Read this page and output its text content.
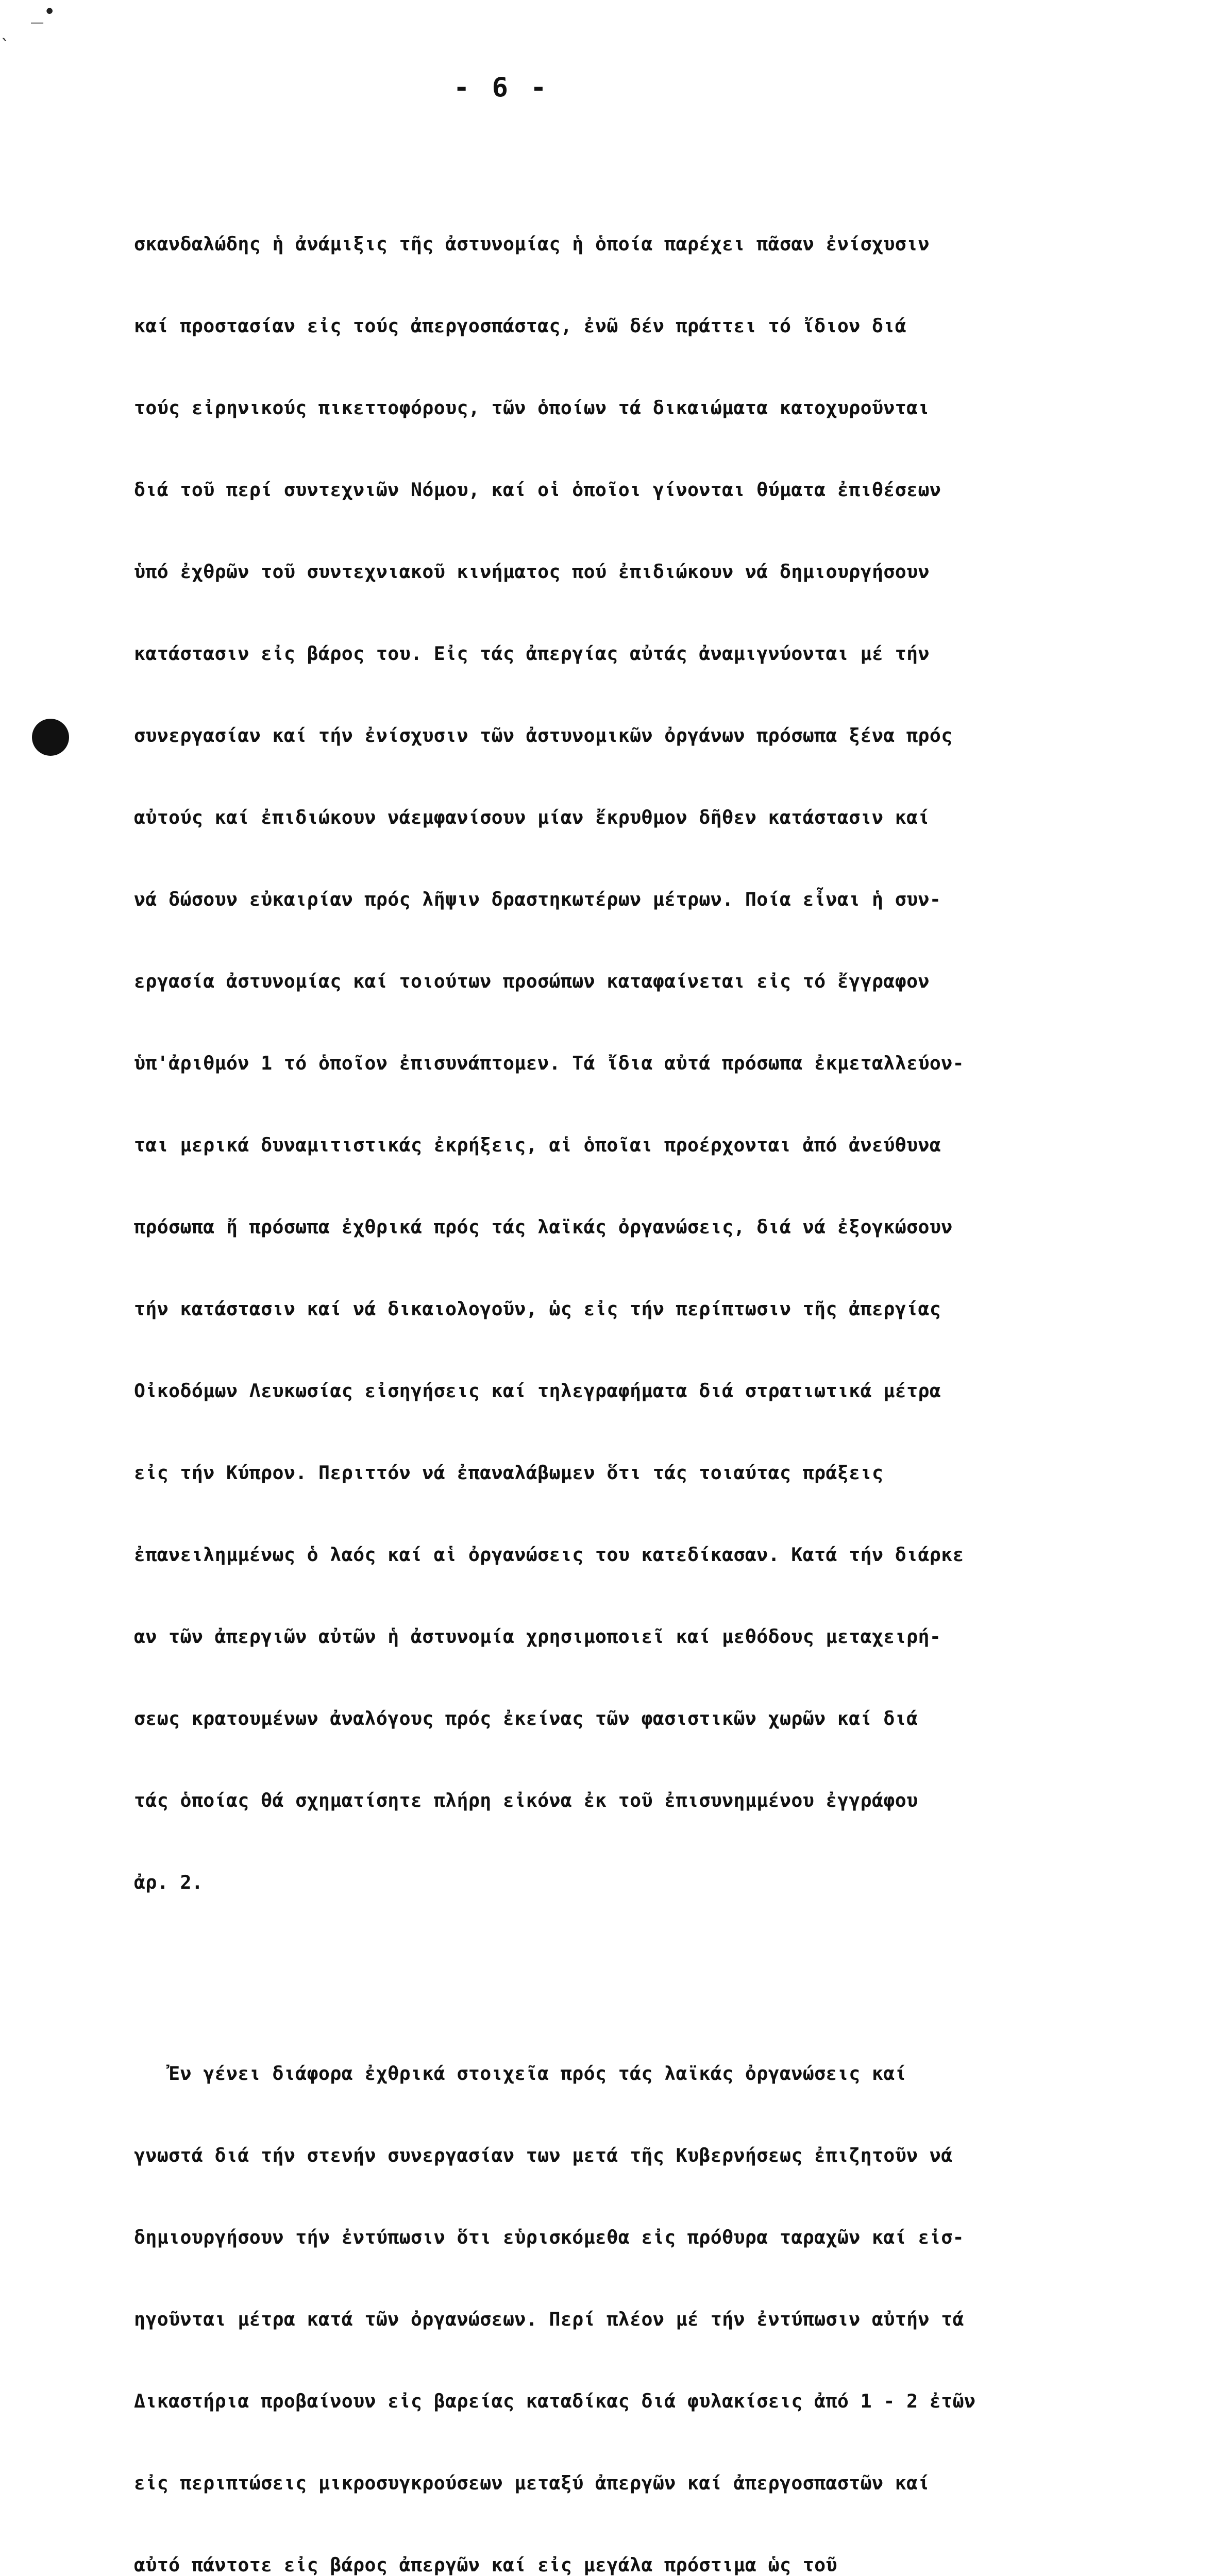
_•
`
- 6 -

σκανδαλώδης ἡ ἀνάμιξις τῆς ἀστυνομίας ἡ ὁποία παρέχει πᾶσαν ἐνίσχυσιν

καί προστασίαν εἰς τούς ἀπεργοσπάστας, ἐνῶ δέν πράττει τό ἴδιον διά

τούς εἰρηνικούς πικεττοφόρους, τῶν ὁποίων τά δικαιώματα κατοχυροῦνται

διά τοῦ περί συντεχνιῶν Νόμου, καί οἱ ὁποῖοι γίνονται θύματα ἐπιθέσεων

ὑπό ἐχθρῶν τοῦ συντεχνιακοῦ κινήματος πού ἐπιδιώκουν νά δημιουργήσουν

κατάστασιν εἰς βάρος του. Εἰς τάς ἀπεργίας αὐτάς ἀναμιγνύονται μέ τήν

συνεργασίαν καί τήν ἐνίσχυσιν τῶν ἀστυνομικῶν ὀργάνων πρόσωπα ξένα πρός

αὐτούς καί ἐπιδιώκουν νάεμφανίσουν μίαν ἔκρυθμον δῆθεν κατάστασιν καί

νά δώσουν εὐκαιρίαν πρός λῆψιν δραστηκωτέρων μέτρων. Ποία εἶναι ἡ συν-

εργασία ἀστυνομίας καί τοιούτων προσώπων καταφαίνεται εἰς τό ἔγγραφον

ὑπ'ἀριθμόν 1 τό ὁποῖον ἐπισυνάπτομεν. Τά ἴδια αὐτά πρόσωπα ἐκμεταλλεύον-

ται μερικά δυναμιτιστικάς ἐκρήξεις, αἱ ὁποῖαι προέρχονται ἀπό ἀνεύθυνα

πρόσωπα ἤ πρόσωπα ἐχθρικά πρός τάς λαϊκάς ὀργανώσεις, διά νά ἐξογκώσουν

τήν κατάστασιν καί νά δικαιολογοῦν, ὡς εἰς τήν περίπτωσιν τῆς ἀπεργίας

Οἰκοδόμων Λευκωσίας εἰσηγήσεις καί τηλεγραφήματα διά στρατιωτικά μέτρα

εἰς τήν Κύπρον. Περιττόν νά ἐπαναλάβωμεν ὅτι τάς τοιαύτας πράξεις

ἐπανειλημμένως ὁ λαός καί αἱ ὀργανώσεις του κατεδίκασαν. Κατά τήν διάρκε

αν τῶν ἀπεργιῶν αὐτῶν ἡ ἀστυνομία χρησιμοποιεῖ καί μεθόδους μεταχειρή-

σεως κρατουμένων ἀναλόγους πρός ἐκείνας τῶν φασιστικῶν χωρῶν καί διά

τάς ὁποίας θά σχηματίσητε πλήρη εἰκόνα ἐκ τοῦ ἐπισυνημμένου ἐγγράφου

ἀρ. 2.

Ἐν γένει διάφορα ἐχθρικά στοιχεῖα πρός τάς λαϊκάς ὀργανώσεις καί

γνωστά διά τήν στενήν συνεργασίαν των μετά τῆς Κυβερνήσεως ἐπιζητοῦν νά

δημιουργήσουν τήν ἐντύπωσιν ὅτι εὑρισκόμεθα εἰς πρόθυρα ταραχῶν καί εἰσ-

ηγοῦνται μέτρα κατά τῶν ὀργανώσεων. Περί πλέον μέ τήν ἐντύπωσιν αὐτήν τά

Δικαστήρια προβαίνουν εἰς βαρείας καταδίκας διά φυλακίσεις ἀπό 1 - 2 ἐτῶν

εἰς περιπτώσεις μικροσυγκρούσεων μεταξύ ἀπεργῶν καί ἀπεργοσπαστῶν καί

αὐτό πάντοτε εἰς βάρος ἀπεργῶν καί εἰς μεγάλα πρόστιμα ὡς τοῦ
